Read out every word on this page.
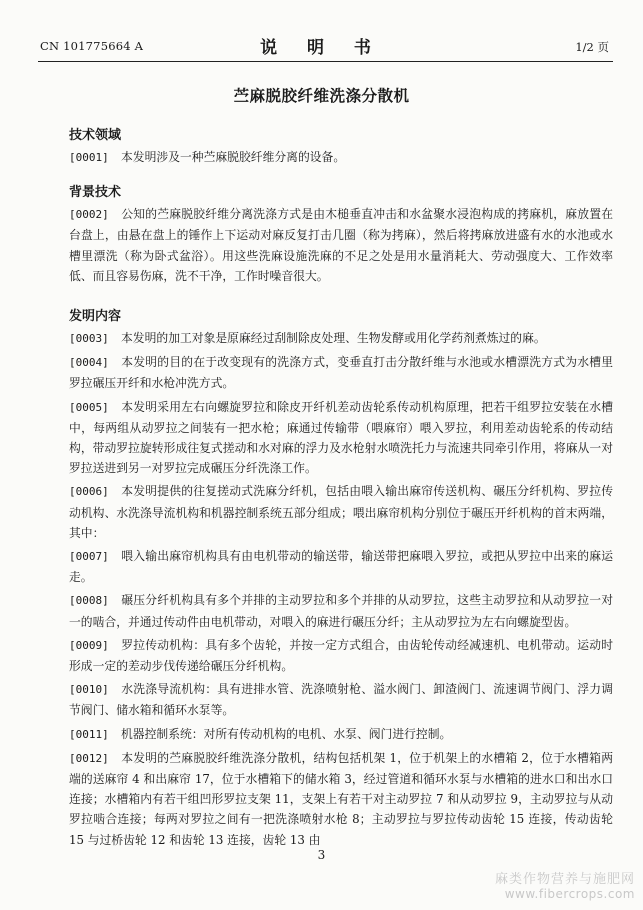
CN 101775664 A	说 明 书	1/2 页
苎麻脱胶纤维洗涤分散机
技术领域
[0001] 本发明涉及一种苎麻脱胶纤维分离的设备。
背景技术
[0002] 公知的苎麻脱胶纤维分离洗涤方式是由木槌垂直冲击和水盆聚水浸泡构成的拷麻机，麻放置在台盘上，由悬在盘上的锤作上下运动对麻反复打击几圈（称为拷麻），然后将拷麻放进盛有水的水池或水槽里漂洗（称为卧式盆浴）。用这些洗麻设施洗麻的不足之处是用水量消耗大、劳动强度大、工作效率低、而且容易伤麻，洗不干净，工作时噪音很大。
发明内容
[0003] 本发明的加工对象是原麻经过刮制除皮处理、生物发酵或用化学药剂煮炼过的麻。
[0004] 本发明的目的在于改变现有的洗涤方式，变垂直打击分散纤维与水池或水槽漂洗方式为水槽里罗拉碾压开纤和水枪冲洗方式。
[0005] 本发明采用左右向螺旋罗拉和除皮开纤机差动齿轮系传动机构原理，把若干组罗拉安装在水槽中，每两组从动罗拉之间装有一把水枪；麻通过传输带（喂麻帘）喂入罗拉，利用差动齿轮系的传动结构，带动罗拉旋转形成往复式搓动和水对麻的浮力及水枪射水喷洗托力与流速共同牵引作用，将麻从一对罗拉送进到另一对罗拉完成碾压分纤洗涤工作。
[0006] 本发明提供的往复搓动式洗麻分纤机，包括由喂入输出麻帘传送机构、碾压分纤机构、罗拉传动机构、水洗涤导流机构和机器控制系统五部分组成；喂出麻帘机构分别位于碾压开纤机构的首末两端，其中：
[0007] 喂入输出麻帘机构具有由电机带动的输送带，输送带把麻喂入罗拉，或把从罗拉中出来的麻运走。
[0008] 碾压分纤机构具有多个并排的主动罗拉和多个并排的从动罗拉，这些主动罗拉和从动罗拉一对一的啮合，并通过传动件由电机带动，对喂入的麻进行碾压分纤；主从动罗拉为左右向螺旋型齿。
[0009] 罗拉传动机构：具有多个齿轮，并按一定方式组合，由齿轮传动经减速机、电机带动。运动时形成一定的差动步伐传递给碾压分纤机构。
[0010] 水洗涤导流机构：具有进排水管、洗涤喷射枪、溢水阀门、卸渣阀门、流速调节阀门、浮力调节阀门、储水箱和循环水泵等。
[0011] 机器控制系统：对所有传动机构的电机、水泵、阀门进行控制。
[0012] 本发明的苎麻脱胶纤维洗涤分散机，结构包括机架 1，位于机架上的水槽箱 2，位于水槽箱两端的送麻帘 4 和出麻帘 17，位于水槽箱下的储水箱 3，经过管道和循环水泵与水槽箱的进水口和出水口连接；水槽箱内有若干组凹形罗拉支架 11，支架上有若干对主动罗拉 7 和从动罗拉 9，主动罗拉与从动罗拉啮合连接；每两对罗拉之间有一把洗涤喷射水枪 8；主动罗拉与罗拉传动齿轮 15 连接，传动齿轮 15 与过桥齿轮 12 和齿轮 13 连接，齿轮 13 由
3
麻类作物营养与施肥网
www.fibercrops.com
